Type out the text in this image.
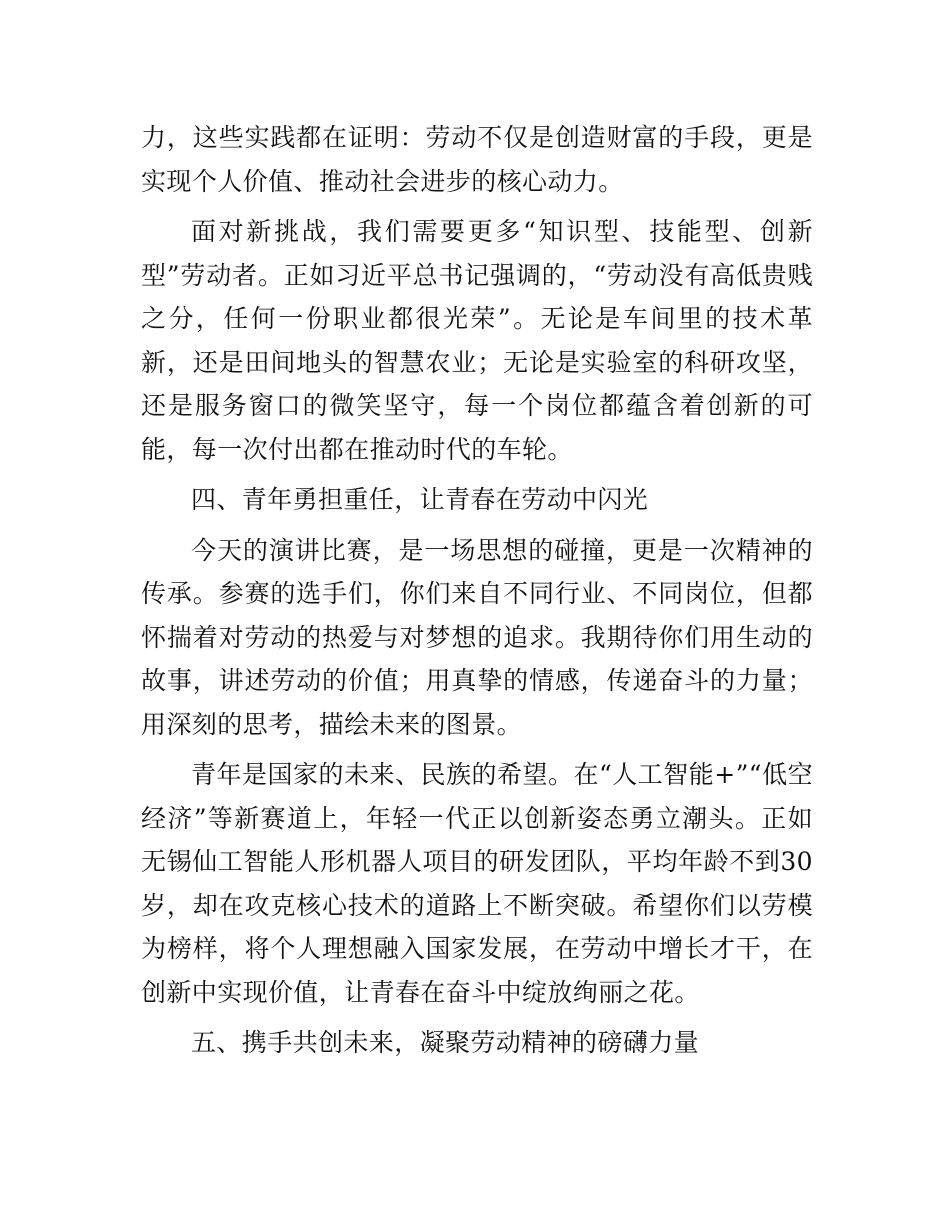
力，这些实践都在证明：劳动不仅是创造财富的手段，更是实现个人价值、推动社会进步的核心动力。

面对新挑战，我们需要更多“知识型、技能型、创新型”劳动者。正如习近平总书记强调的，“劳动没有高低贵贱之分，任何一份职业都很光荣”。无论是车间里的技术革新，还是田间地头的智慧农业；无论是实验室的科研攻坚，还是服务窗口的微笑坚守，每一个岗位都蕴含着创新的可能，每一次付出都在推动时代的车轮。

四、青年勇担重任，让青春在劳动中闪光

今天的演讲比赛，是一场思想的碰撞，更是一次精神的传承。参赛的选手们，你们来自不同行业、不同岗位，但都怀揣着对劳动的热爱与对梦想的追求。我期待你们用生动的故事，讲述劳动的价值；用真挚的情感，传递奋斗的力量；用深刻的思考，描绘未来的图景。

青年是国家的未来、民族的希望。在“人工智能+”“低空经济”等新赛道上，年轻一代正以创新姿态勇立潮头。正如无锡仙工智能人形机器人项目的研发团队，平均年龄不到30岁，却在攻克核心技术的道路上不断突破。希望你们以劳模为榜样，将个人理想融入国家发展，在劳动中增长才干，在创新中实现价值，让青春在奋斗中绽放绚丽之花。

五、携手共创未来，凝聚劳动精神的磅礴力量
